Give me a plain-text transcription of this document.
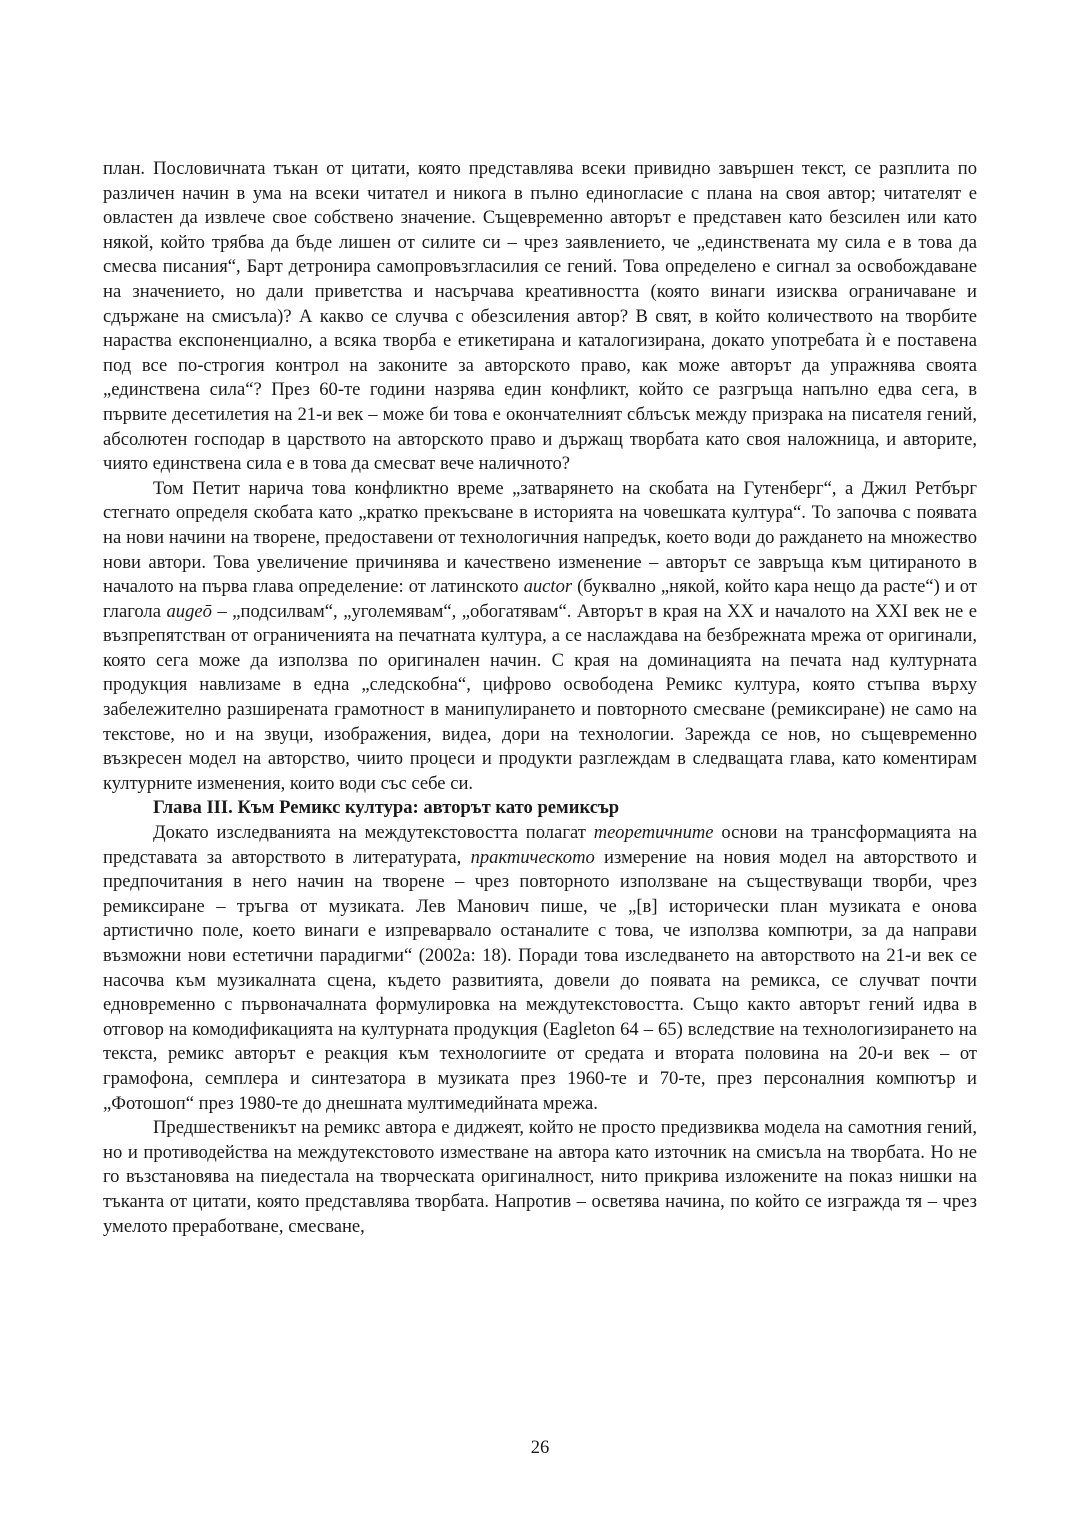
план. Пословичната тъкан от цитати, която представлява всеки привидно завършен текст, се разплита по различен начин в ума на всеки читател и никога в пълно единогласие с плана на своя автор; читателят е овластен да извлече свое собствено значение. Същевременно авторът е представен като безсилен или като някой, който трябва да бъде лишен от силите си – чрез заявлението, че „единствената му сила е в това да смесва писания“, Барт детронира самопровъзгласилия се гений. Това определено е сигнал за освобождаване на значението, но дали приветства и насърчава креативността (която винаги изисква ограничаване и сдържане на смисъла)? А какво се случва с обезсиления автор? В свят, в който количеството на творбите нараства експоненциално, а всяка творба е етикетирана и каталогизирана, докато употребата ѝ е поставена под все по-строгия контрол на законите за авторското право, как може авторът да упражнява своята „единствена сила“? През 60-те години назрява един конфликт, който се разгръща напълно едва сега, в първите десетилетия на 21-и век – може би това е окончателният сблъсък между призрака на писателя гений, абсолютен господар в царството на авторското право и държащ творбата като своя наложница, и авторите, чиято единствена сила е в това да смесват вече наличното?

Том Петит нарича това конфликтно време „затварянето на скобата на Гутенберг“, а Джил Ретбърг стегнато определя скобата като „кратко прекъсване в историята на човешката култура“. То започва с появата на нови начини на творене, предоставени от технологичния напредък, което води до раждането на множество нови автори. Това увеличение причинява и качествено изменение – авторът се завръща към цитираното в началото на първа глава определение: от латинското auctor (буквално „някой, който кара нещо да расте“) и от глагола augeō – „подсилвам“, „уголемявам“, „обогатявам“. Авторът в края на XX и началото на XXI век не е възпрепятстван от ограниченията на печатната култура, а се наслаждава на безбрежната мрежа от оригинали, която сега може да използва по оригинален начин. С края на доминацията на печата над културната продукция навлизаме в една „следскобна“, цифрово освободена Ремикс култура, която стъпва върху забележително разширената грамотност в манипулирането и повторното смесване (ремиксиране) не само на текстове, но и на звуци, изображения, видеа, дори на технологии. Зарежда се нов, но същевременно възкресен модел на авторство, чиито процеси и продукти разглеждам в следващата глава, като коментирам културните изменения, които води със себе си.

Глава III. Към Ремикс култура: авторът като ремиксър

Докато изследванията на междутекстовостта полагат теоретичните основи на трансформацията на представата за авторството в литературата, практическото измерение на новия модел на авторството и предпочитания в него начин на творене – чрез повторното използване на съществуващи творби, чрез ремиксиране – тръгва от музиката. Лев Манович пише, че „[в] исторически план музиката е онова артистично поле, което винаги е изпреварвало останалите с това, че използва компютри, за да направи възможни нови естетични парадигми“ (2002a: 18). Поради това изследването на авторството на 21-и век се насочва към музикалната сцена, където развитията, довели до появата на ремикса, се случват почти едновременно с първоначалната формулировка на междутекстовостта. Също както авторът гений идва в отговор на комодификацията на културната продукция (Eagleton 64 – 65) вследствие на технологизирането на текста, ремикс авторът е реакция към технологиите от средата и втората половина на 20-и век – от грамофона, семплера и синтезатора в музиката през 1960-те и 70-те, през персоналния компютър и „Фотошоп“ през 1980-те до днешната мултимедийната мрежа.

Предшественикът на ремикс автора е диджеят, който не просто предизвиква модела на самотния гений, но и противодейства на междутекстовото изместване на автора като източник на смисъла на творбата. Но не го възстановява на пиедестала на творческата оригиналност, нито прикрива изложените на показ нишки на тъканта от цитати, която представлява творбата. Напротив – осветява начина, по който се изгражда тя – чрез умелото преработване, смесване,

26
